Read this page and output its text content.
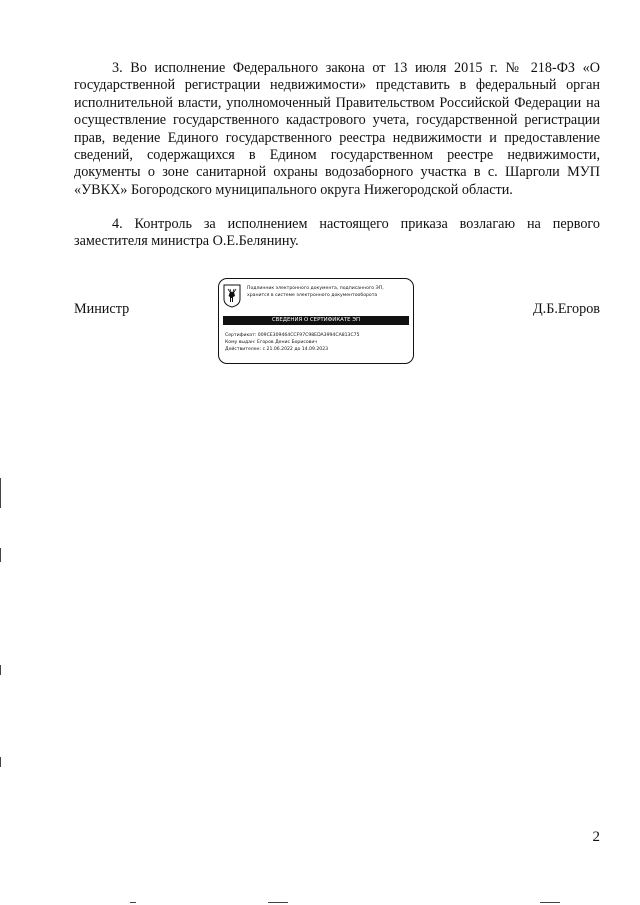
3. Во исполнение Федерального закона от 13 июля 2015 г. № 218-ФЗ «О государственной регистрации недвижимости» представить в федеральный орган исполнительной власти, уполномоченный Правительством Российской Федерации на осуществление государственного кадастрового учета, государственной регистрации прав, ведение Единого государственного реестра недвижимости и предоставление сведений, содержащихся в Едином государственном реестре недвижимости, документы о зоне санитарной охраны водозаборного участка в с. Шарголи МУП «УВКХ» Богородского муниципального округа Нижегородской области.

4. Контроль за исполнением настоящего приказа возлагаю на первого заместителя министра О.Е.Белянину.

Министр	Д.Б.Егоров
Подлинник электронного документа, подписанного ЭП,
хранится в системе электронного документооборота
СВЕДЕНИЯ О СЕРТИФИКАТЕ ЭП
Сертификат: 009CE309464CCF97C98EDA3994CA813C75
Кому выдан: Егоров Денис Борисович
Действителен: с 21.06.2022 до 14.09.2023
2
